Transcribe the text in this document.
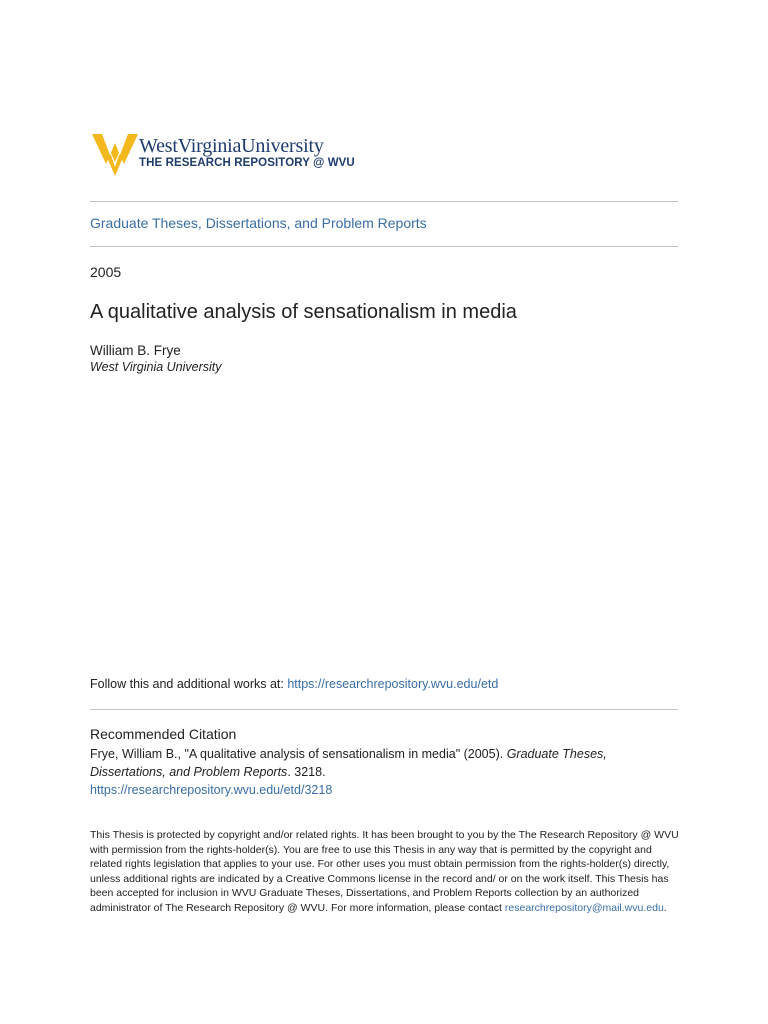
WestVirginiaUniversity
THE RESEARCH REPOSITORY @ WVU
Graduate Theses, Dissertations, and Problem Reports
2005
A qualitative analysis of sensationalism in media
William B. Frye
West Virginia University
Follow this and additional works at: https://researchrepository.wvu.edu/etd
Recommended Citation
Frye, William B., "A qualitative analysis of sensationalism in media" (2005). Graduate Theses, Dissertations, and Problem Reports. 3218.
https://researchrepository.wvu.edu/etd/3218
This Thesis is protected by copyright and/or related rights. It has been brought to you by the The Research Repository @ WVU with permission from the rights-holder(s). You are free to use this Thesis in any way that is permitted by the copyright and related rights legislation that applies to your use. For other uses you must obtain permission from the rights-holder(s) directly, unless additional rights are indicated by a Creative Commons license in the record and/ or on the work itself. This Thesis has been accepted for inclusion in WVU Graduate Theses, Dissertations, and Problem Reports collection by an authorized administrator of The Research Repository @ WVU. For more information, please contact researchrepository@mail.wvu.edu.
